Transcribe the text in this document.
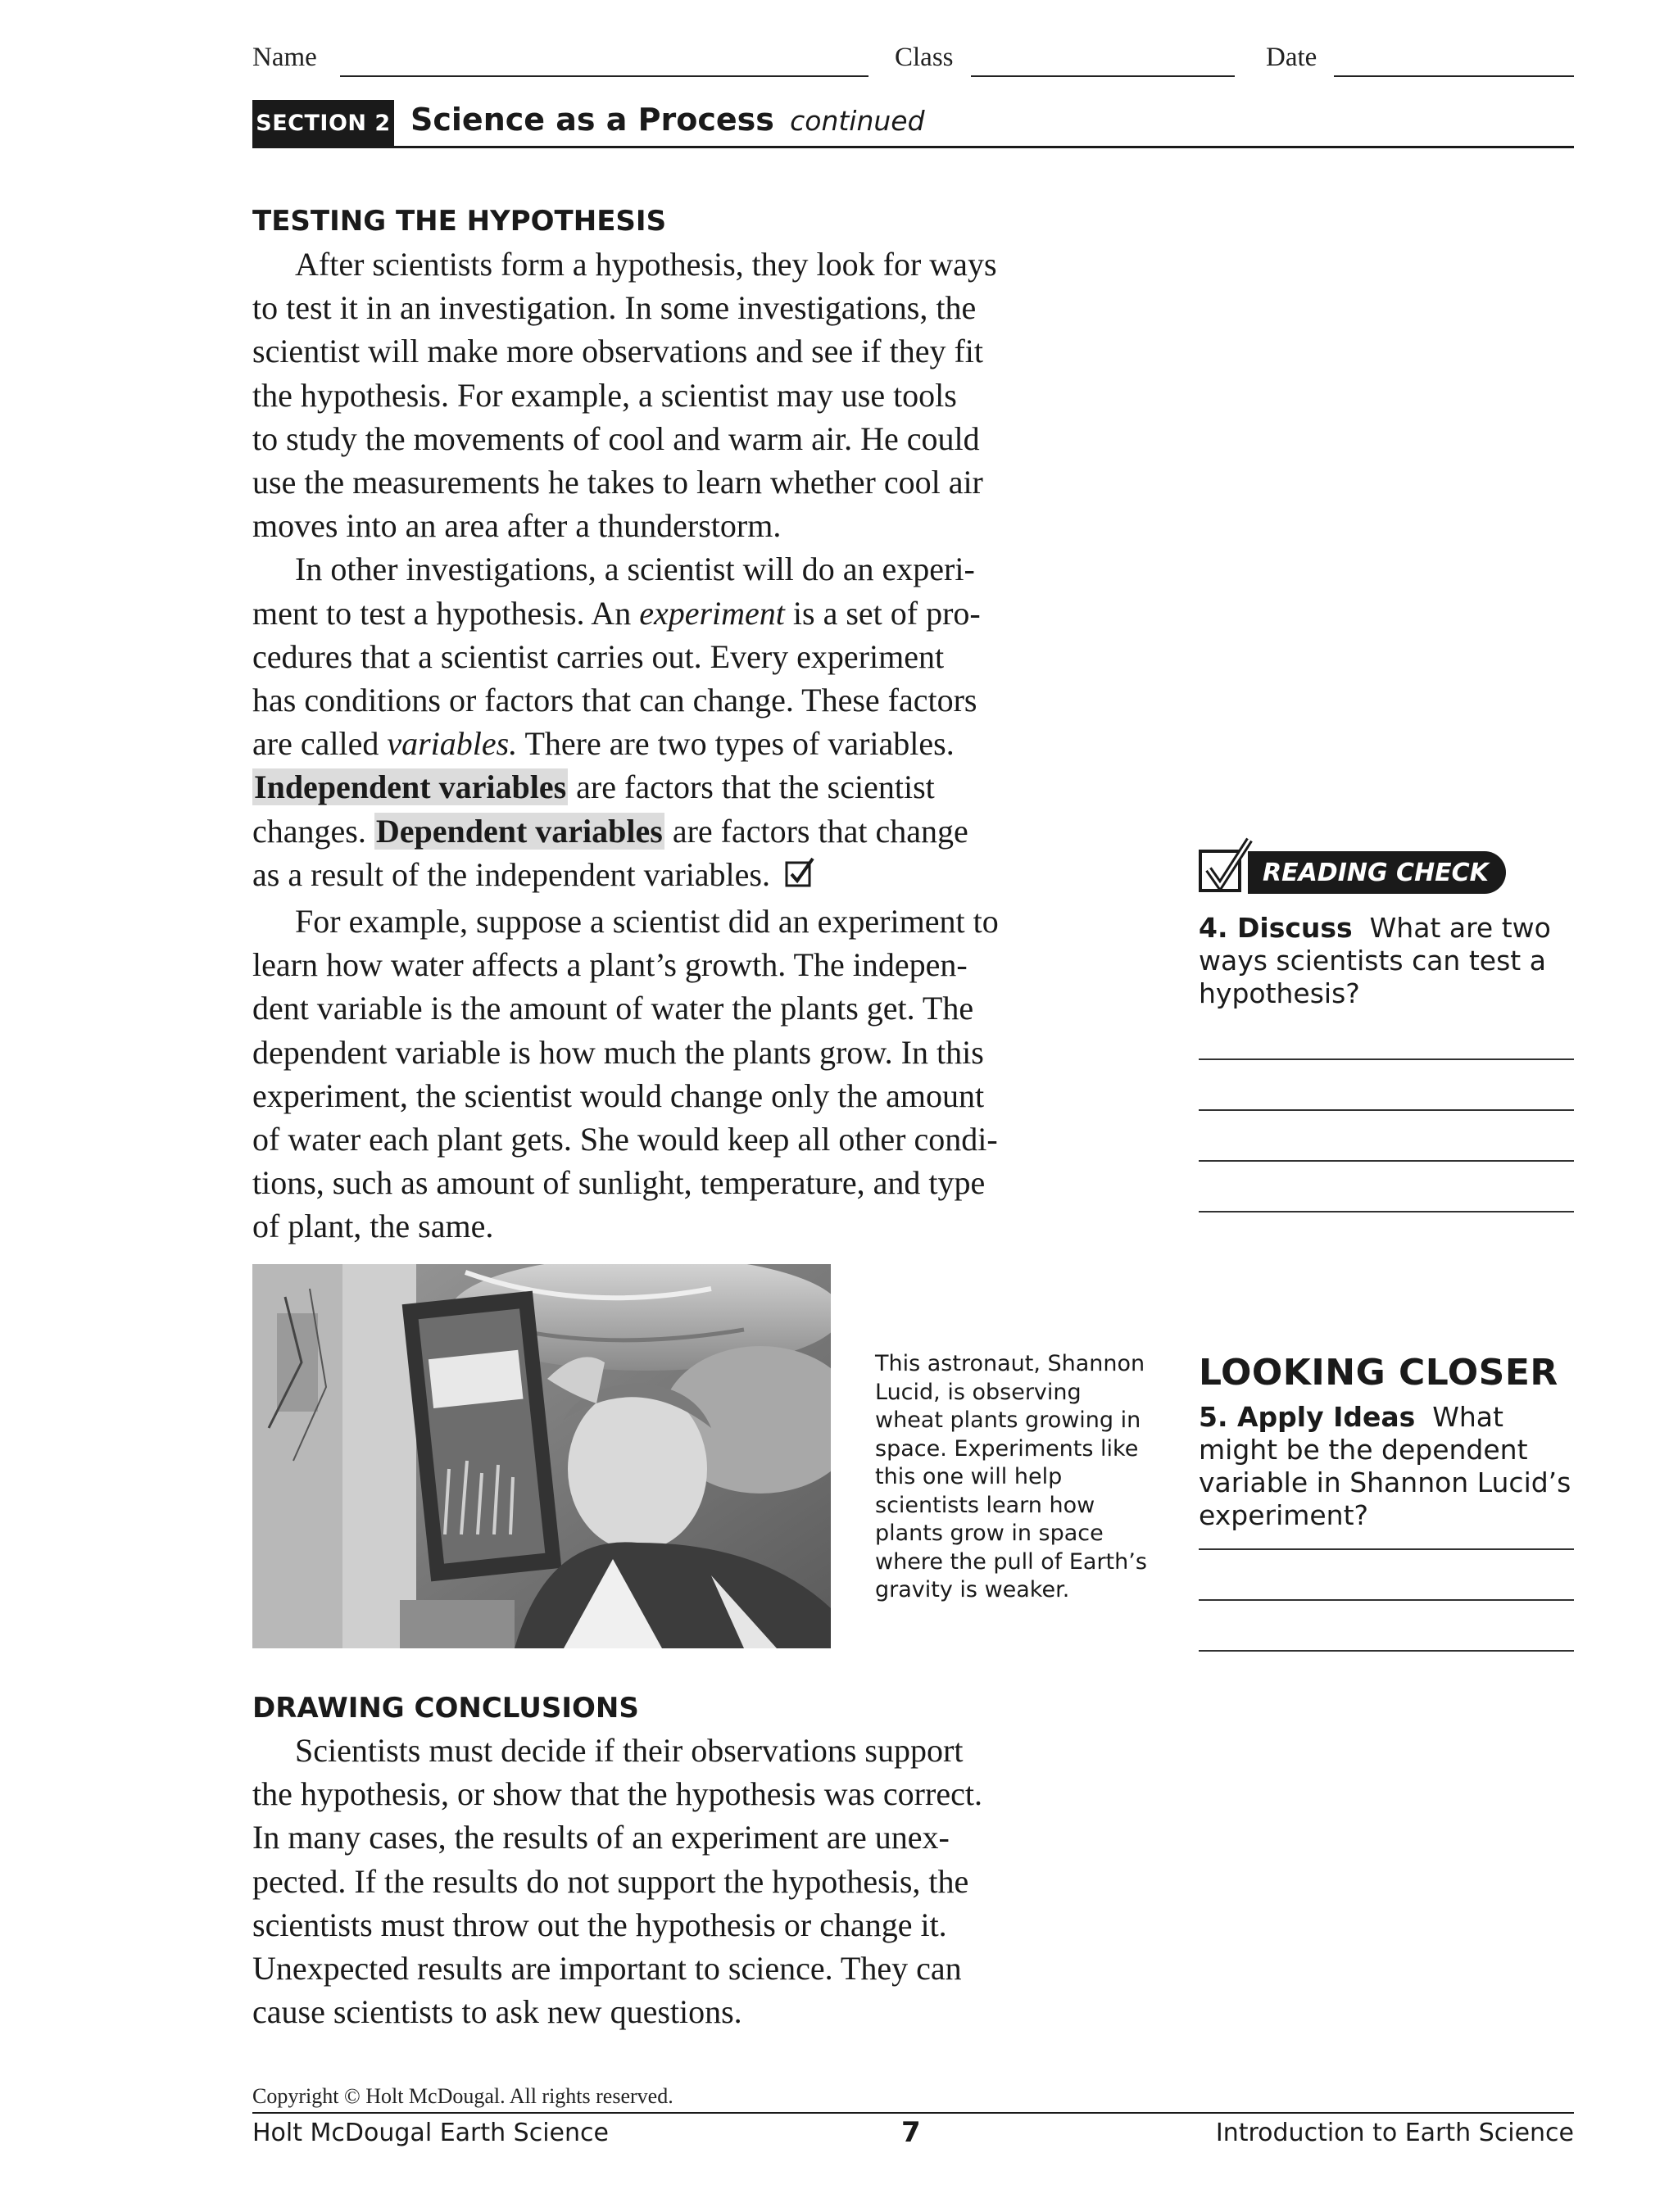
Name	Class	Date
SECTION 2 Science as a Process continued
TESTING THE HYPOTHESIS
After scientists form a hypothesis, they look for ways
to test it in an investigation. In some investigations, the
scientist will make more observations and see if they fit
the hypothesis. For example, a scientist may use tools
to study the movements of cool and warm air. He could
use the measurements he takes to learn whether cool air
moves into an area after a thunderstorm.
In other investigations, a scientist will do an experi-
ment to test a hypothesis. An experiment is a set of pro-
cedures that a scientist carries out. Every experiment
has conditions or factors that can change. These factors
are called variables. There are two types of variables.
Independent variables are factors that the scientist
changes. Dependent variables are factors that change
as a result of the independent variables.
For example, suppose a scientist did an experiment to
learn how water affects a plant’s growth. The indepen-
dent variable is the amount of water the plants get. The
dependent variable is how much the plants grow. In this
experiment, the scientist would change only the amount
of water each plant gets. She would keep all other condi-
tions, such as amount of sunlight, temperature, and type
of plant, the same.
This astronaut, Shannon Lucid, is observing wheat plants growing in space. Experiments like this one will help scientists learn how plants grow in space where the pull of Earth’s gravity is weaker.
DRAWING CONCLUSIONS
Scientists must decide if their observations support
the hypothesis, or show that the hypothesis was correct.
In many cases, the results of an experiment are unex-
pected. If the results do not support the hypothesis, the
scientists must throw out the hypothesis or change it.
Unexpected results are important to science. They can
cause scientists to ask new questions.
READING CHECK
4. Discuss What are two ways scientists can test a hypothesis?
LOOKING CLOSER
5. Apply Ideas What might be the dependent variable in Shannon Lucid’s experiment?
Copyright © Holt McDougal. All rights reserved.
Holt McDougal Earth Science	7	Introduction to Earth Science
